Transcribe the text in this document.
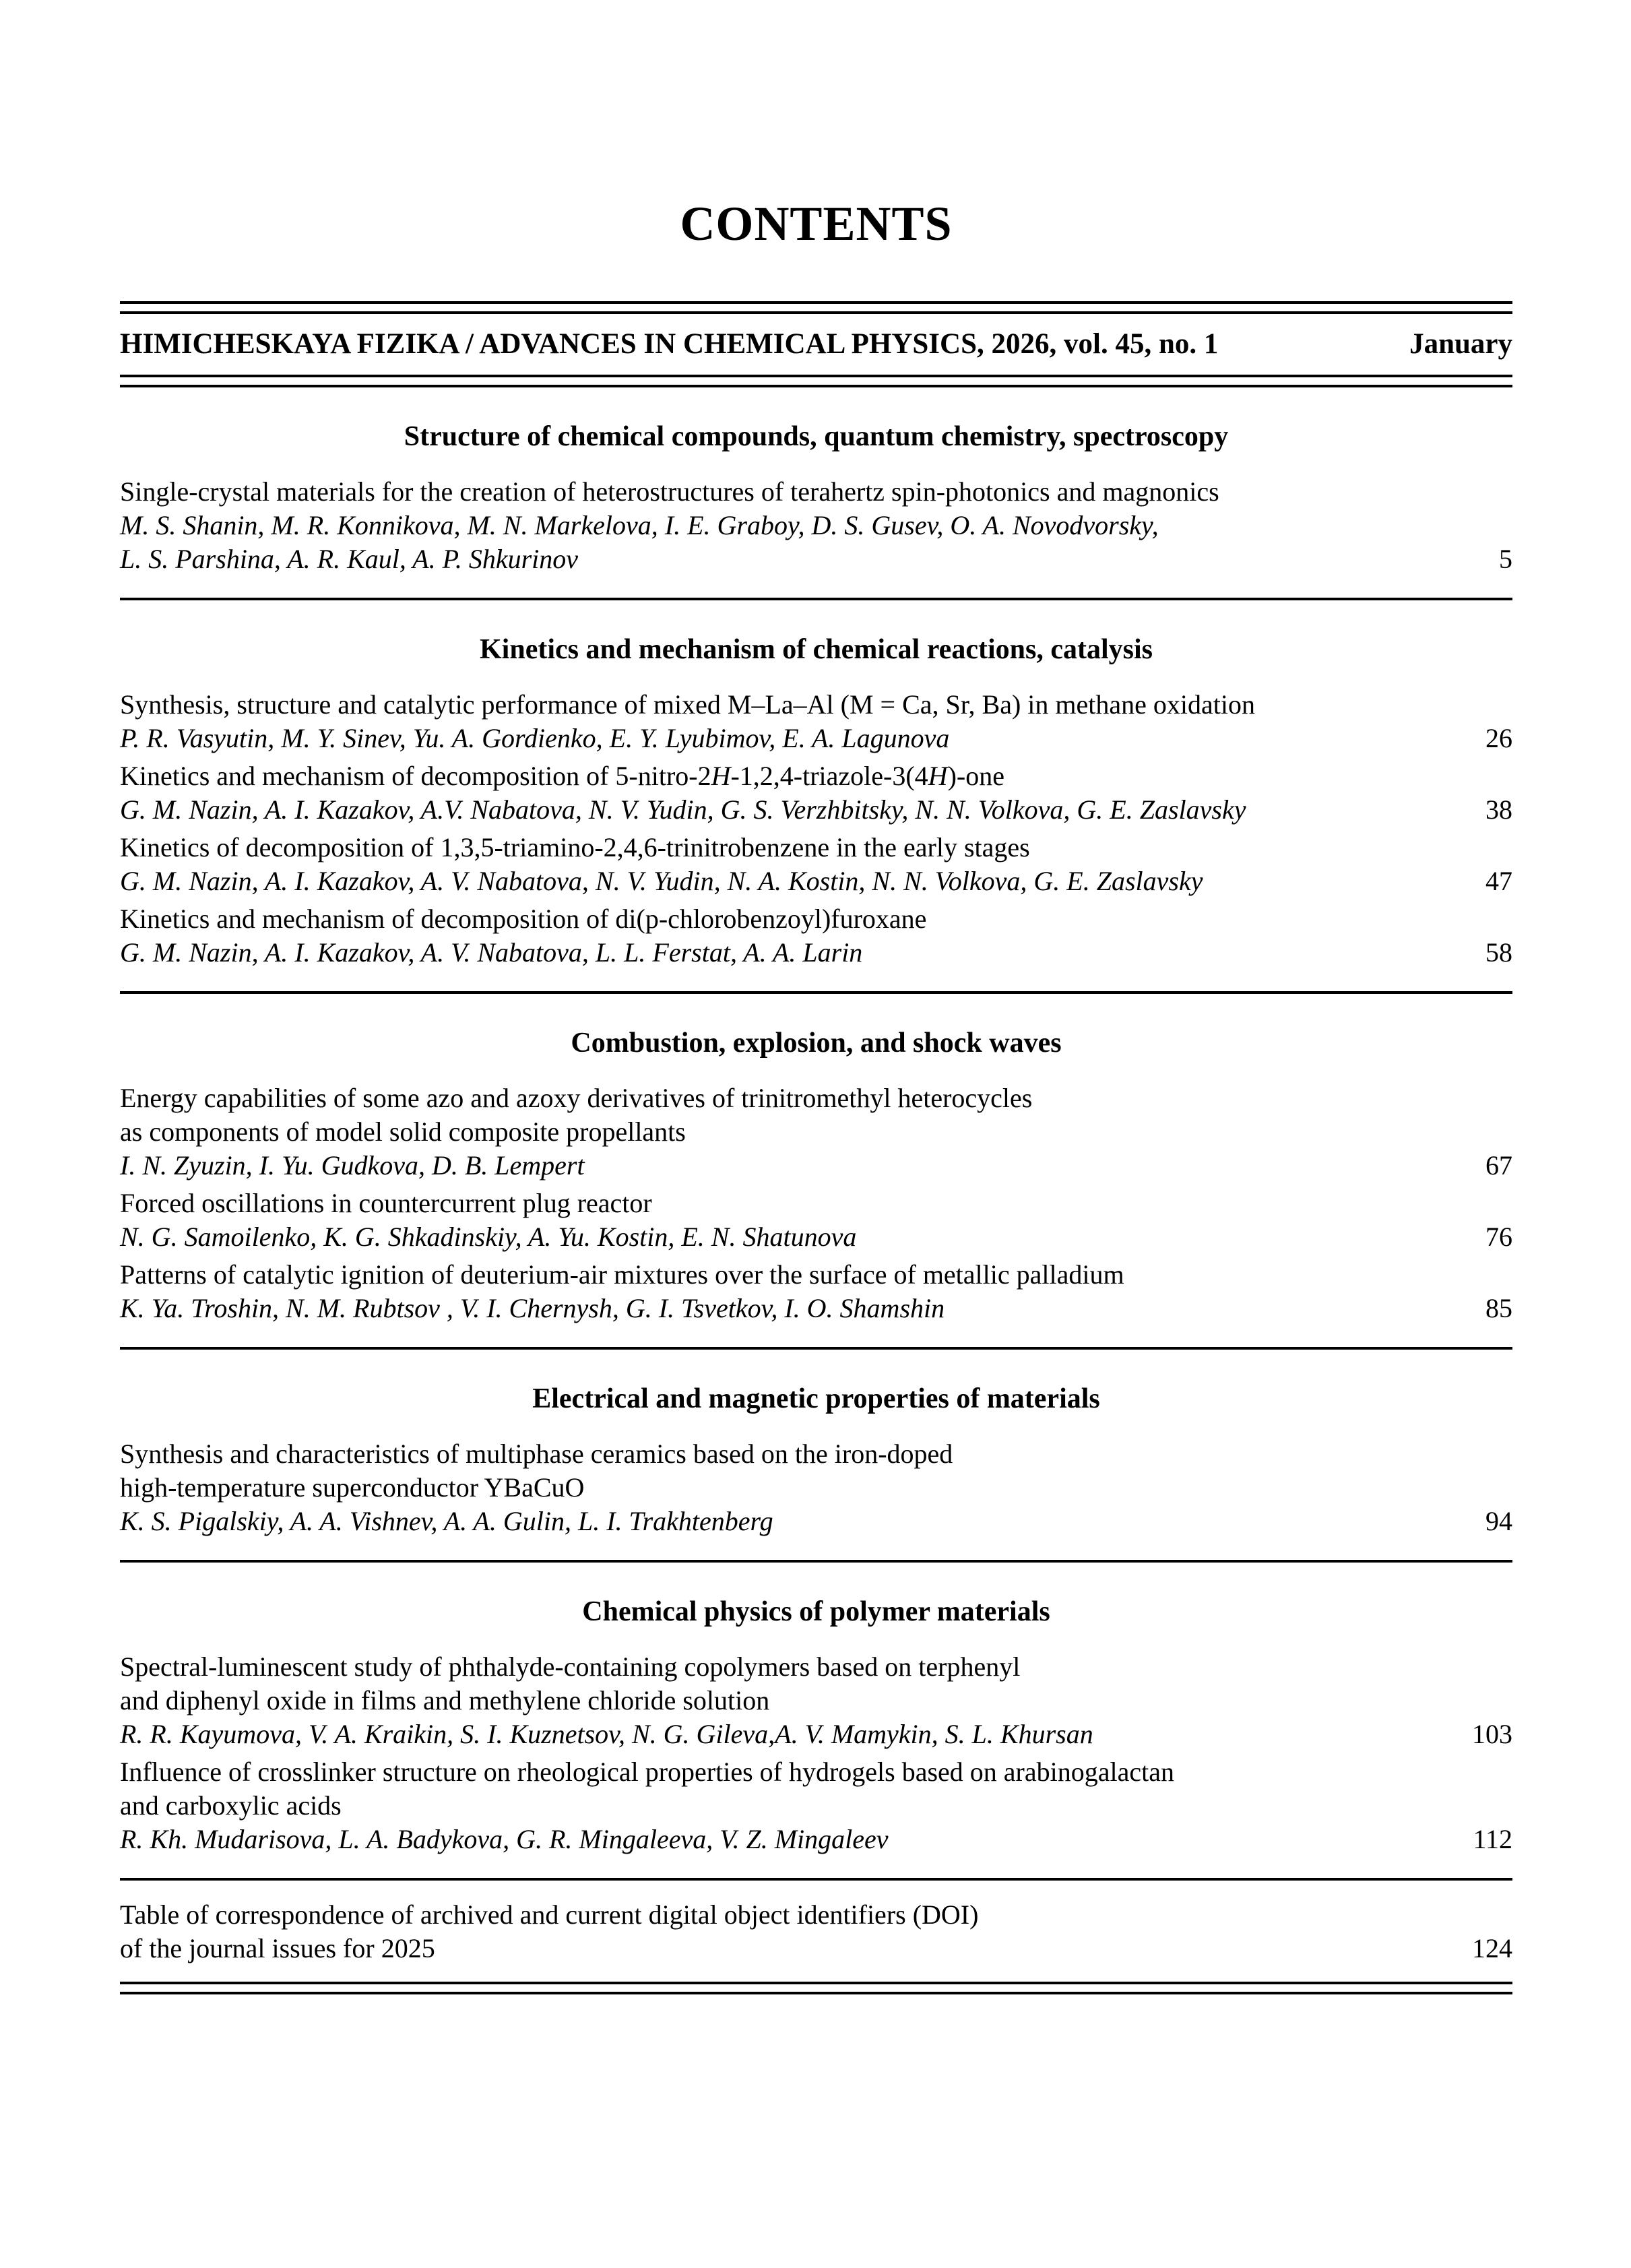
CONTENTS
HIMICHESKAYA FIZIKA / ADVANCES IN CHEMICAL PHYSICS, 2026, vol. 45, no. 1	January
Structure of chemical compounds, quantum chemistry, spectroscopy
Single-crystal materials for the creation of heterostructures of terahertz spin-photonics and magnonics
M. S. Shanin, M. R. Konnikova, M. N. Markelova, I. E. Graboy, D. S. Gusev, O. A. Novodvorsky,
L. S. Parshina, A. R. Kaul, A. P. Shkurinov	5
Kinetics and mechanism of chemical reactions, catalysis
Synthesis, structure and catalytic performance of mixed M–La–Al (M = Ca, Sr, Ba) in methane oxidation
P. R. Vasyutin, M. Y. Sinev, Yu. A. Gordienko, E. Y. Lyubimov, E. A. Lagunova	26
Kinetics and mechanism of decomposition of 5-nitro-2H-1,2,4-triazole-3(4H)-one
G. M. Nazin, A. I. Kazakov, A.V. Nabatova, N. V. Yudin, G. S. Verzhbitsky, N. N. Volkova, G. E. Zaslavsky	38
Kinetics of decomposition of 1,3,5-triamino-2,4,6-trinitrobenzene in the early stages
G. M. Nazin, A. I. Kazakov, A. V. Nabatova, N. V. Yudin, N. A. Kostin, N. N. Volkova, G. E. Zaslavsky	47
Kinetics and mechanism of decomposition of di(p-chlorobenzoyl)furoxane
G. M. Nazin, A. I. Kazakov, A. V. Nabatova, L. L. Ferstat, A. A. Larin	58
Combustion, explosion, and shock waves
Energy capabilities of some azo and azoxy derivatives of trinitromethyl heterocycles
as components of model solid composite propellants
I. N. Zyuzin, I. Yu. Gudkova, D. B. Lempert	67
Forced oscillations in countercurrent plug reactor
N. G. Samoilenko, K. G. Shkadinskiy, A. Yu. Kostin, E. N. Shatunova	76
Patterns of catalytic ignition of deuterium-air mixtures over the surface of metallic palladium
K. Ya. Troshin, N. M. Rubtsov , V. I. Chernysh, G. I. Tsvetkov, I. O. Shamshin	85
Electrical and magnetic properties of materials
Synthesis and characteristics of multiphase ceramics based on the iron-doped
high-temperature superconductor YBaCuO
K. S. Pigalskiy, A. A. Vishnev, A. A. Gulin, L. I. Trakhtenberg	94
Chemical physics of polymer materials
Spectral-luminescent study of phthalyde-containing copolymers based on terphenyl
and diphenyl oxide in films and methylene chloride solution
R. R. Kayumova, V. A. Kraikin, S. I. Kuznetsov, N. G. Gileva,A. V. Mamykin, S. L. Khursan	103
Influence of crosslinker structure on rheological properties of hydrogels based on arabinogalactan
and carboxylic acids
R. Kh. Mudarisova, L. A. Badykova, G. R. Mingaleeva, V. Z. Mingaleev	112
Table of correspondence of archived and current digital object identifiers (DOI)
of the journal issues for 2025	124
